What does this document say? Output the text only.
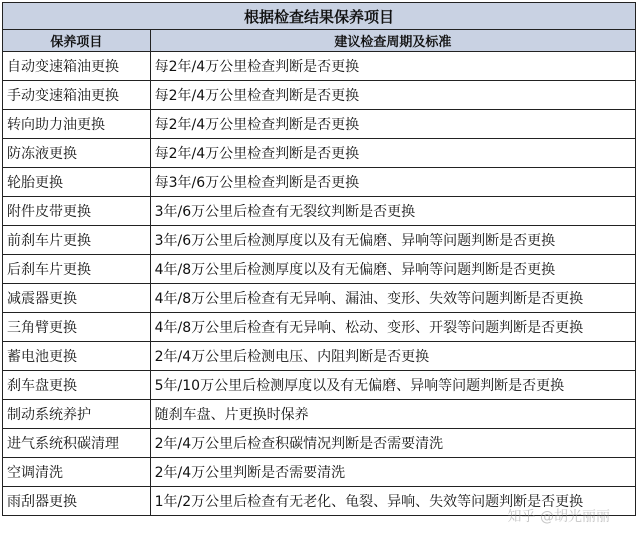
根据检查结果保养项目	
保养项目	建议检查周期及标准
自动变速箱油更换	每2年/4万公里检查判断是否更换
手动变速箱油更换	每2年/4万公里检查判断是否更换
转向助力油更换	每2年/4万公里检查判断是否更换
防冻液更换	每2年/4万公里检查判断是否更换
轮胎更换	每3年/6万公里检查判断是否更换
附件皮带更换	3年/6万公里后检查有无裂纹判断是否更换
前刹车片更换	3年/6万公里后检测厚度以及有无偏磨、异响等问题判断是否更换
后刹车片更换	4年/8万公里后检测厚度以及有无偏磨、异响等问题判断是否更换
减震器更换	4年/8万公里后检查有无异响、漏油、变形、失效等问题判断是否更换
三角臂更换	4年/8万公里后检查有无异响、松动、变形、开裂等问题判断是否更换
蓄电池更换	2年/4万公里后检测电压、内阻判断是否更换
刹车盘更换	5年/10万公里后检测厚度以及有无偏磨、异响等问题判断是否更换
制动系统养护	随刹车盘、片更换时保养
进气系统积碳清理	2年/4万公里后检查积碳情况判断是否需要清洗
空调清洗	2年/4万公里判断是否需要清洗
雨刮器更换	1年/2万公里后检查有无老化、龟裂、异响、失效等问题判断是否更换
知乎 @胡光丽丽
